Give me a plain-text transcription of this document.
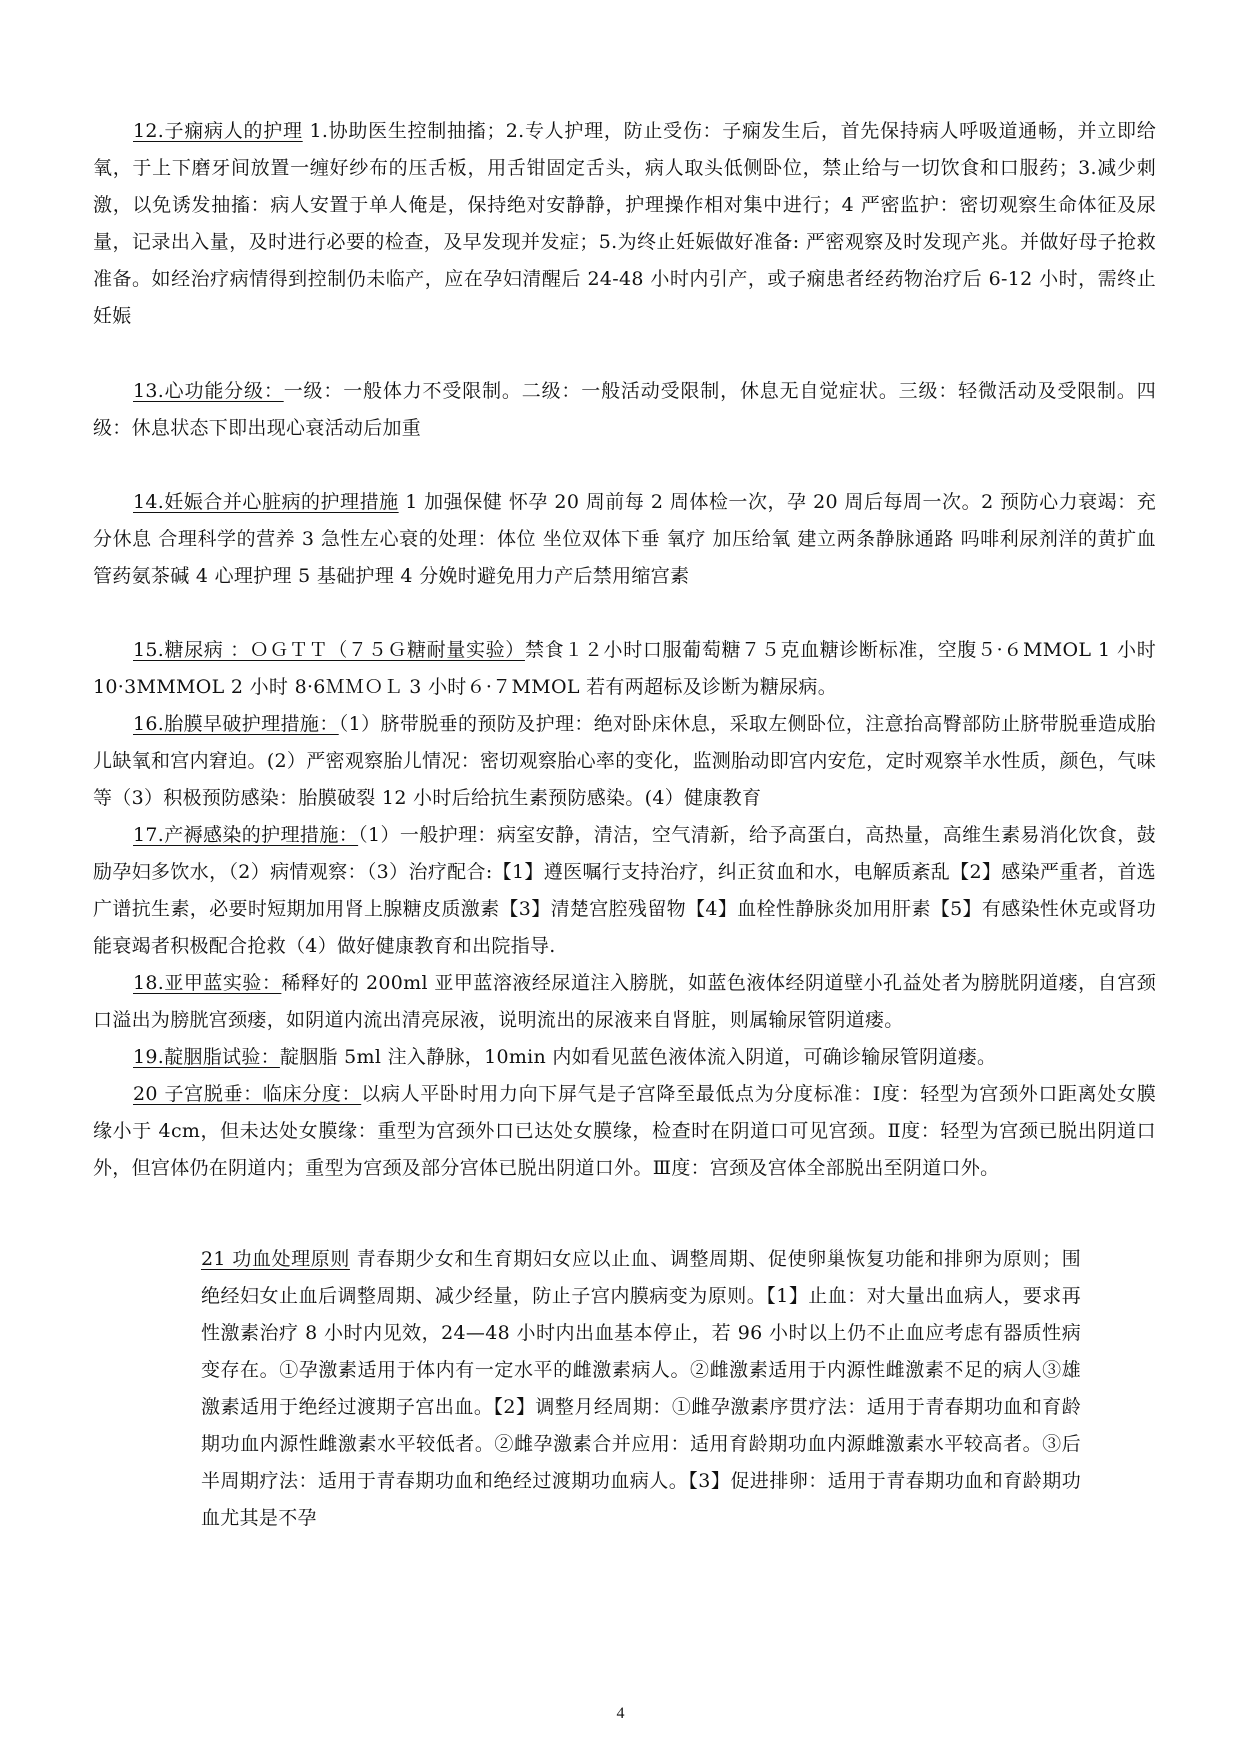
12.子痫病人的护理 1.协助医生控制抽搐；2.专人护理，防止受伤：子痫发生后，首先保持病人呼吸道通畅，并立即给氧，于上下磨牙间放置一缠好纱布的压舌板，用舌钳固定舌头，病人取头低侧卧位，禁止给与一切饮食和口服药；3.减少刺激，以免诱发抽搐：病人安置于单人俺是，保持绝对安静静，护理操作相对集中进行；4 严密监护：密切观察生命体征及尿量，记录出入量，及时进行必要的检查，及早发现并发症；5.为终止妊娠做好准备: 严密观察及时发现产兆。并做好母子抢救准备。如经治疗病情得到控制仍未临产，应在孕妇清醒后 24-48 小时内引产，或子痫患者经药物治疗后 6-12 小时，需终止妊娠
13.心功能分级：一级：一般体力不受限制。二级：一般活动受限制，休息无自觉症状。三级：轻微活动及受限制。四级：休息状态下即出现心衰活动后加重
14.妊娠合并心脏病的护理措施 1 加强保健 怀孕 20 周前每 2 周体检一次，孕 20 周后每周一次。2 预防心力衰竭：充分休息 合理科学的营养 3 急性左心衰的处理：体位 坐位双体下垂 氧疗 加压给氧 建立两条静脉通路 吗啡利尿剂洋的黄扩血管药氨茶碱 4 心理护理 5 基础护理 4 分娩时避免用力产后禁用缩宫素
15.糖尿病 ：ＯＧＴＴ（７５Ｇ糖耐量实验）禁食１２小时口服葡萄糖７５克血糖诊断标准，空腹５·６MMOL 1 小时 10·3MMMOL 2 小时 8·6ＭＭＯＬ 3 小时６·７MMOL 若有两超标及诊断为糖尿病。
16.胎膜早破护理措施：（1）脐带脱垂的预防及护理：绝对卧床休息，采取左侧卧位，注意抬高臀部防止脐带脱垂造成胎儿缺氧和宫内窘迫。(2）严密观察胎儿情况：密切观察胎心率的变化，监测胎动即宫内安危，定时观察羊水性质，颜色，气味等（3）积极预防感染：胎膜破裂 12 小时后给抗生素预防感染。(4）健康教育
17.产褥感染的护理措施：（1）一般护理：病室安静，清洁，空气清新，给予高蛋白，高热量，高维生素易消化饮食，鼓励孕妇多饮水，（2）病情观察：（3）治疗配合:【1】遵医嘱行支持治疗，纠正贫血和水，电解质紊乱【2】感染严重者，首选广谱抗生素，必要时短期加用肾上腺糖皮质激素【3】清楚宫腔残留物【4】血栓性静脉炎加用肝素【5】有感染性休克或肾功能衰竭者积极配合抢救（4）做好健康教育和出院指导.
18.亚甲蓝实验：稀释好的 200ml 亚甲蓝溶液经尿道注入膀胱，如蓝色液体经阴道壁小孔益处者为膀胱阴道瘘，自宫颈口溢出为膀胱宫颈瘘，如阴道内流出清亮尿液，说明流出的尿液来自肾脏，则属输尿管阴道瘘。
19.靛胭脂试验：靛胭脂 5ml 注入静脉，10min 内如看见蓝色液体流入阴道，可确诊输尿管阴道瘘。
20 子宫脱垂：临床分度：以病人平卧时用力向下屏气是子宫降至最低点为分度标准：Ⅰ度：轻型为宫颈外口距离处女膜缘小于 4cm，但未达处女膜缘：重型为宫颈外口已达处女膜缘，检查时在阴道口可见宫颈。Ⅱ度：轻型为宫颈已脱出阴道口外，但宫体仍在阴道内；重型为宫颈及部分宫体已脱出阴道口外。Ⅲ度：宫颈及宫体全部脱出至阴道口外。
21 功血处理原则 青春期少女和生育期妇女应以止血、调整周期、促使卵巢恢复功能和排卵为原则；围绝经妇女止血后调整周期、减少经量，防止子宫内膜病变为原则。【1】止血：对大量出血病人，要求再性激素治疗 8 小时内见效，24—48 小时内出血基本停止，若 96 小时以上仍不止血应考虑有器质性病变存在。①孕激素适用于体内有一定水平的雌激素病人。②雌激素适用于内源性雌激素不足的病人③雄激素适用于绝经过渡期子宫出血。【2】调整月经周期：①雌孕激素序贯疗法：适用于青春期功血和育龄期功血内源性雌激素水平较低者。②雌孕激素合并应用：适用育龄期功血内源雌激素水平较高者。③后半周期疗法：适用于青春期功血和绝经过渡期功血病人。【3】促进排卵：适用于青春期功血和育龄期功血尤其是不孕
4
